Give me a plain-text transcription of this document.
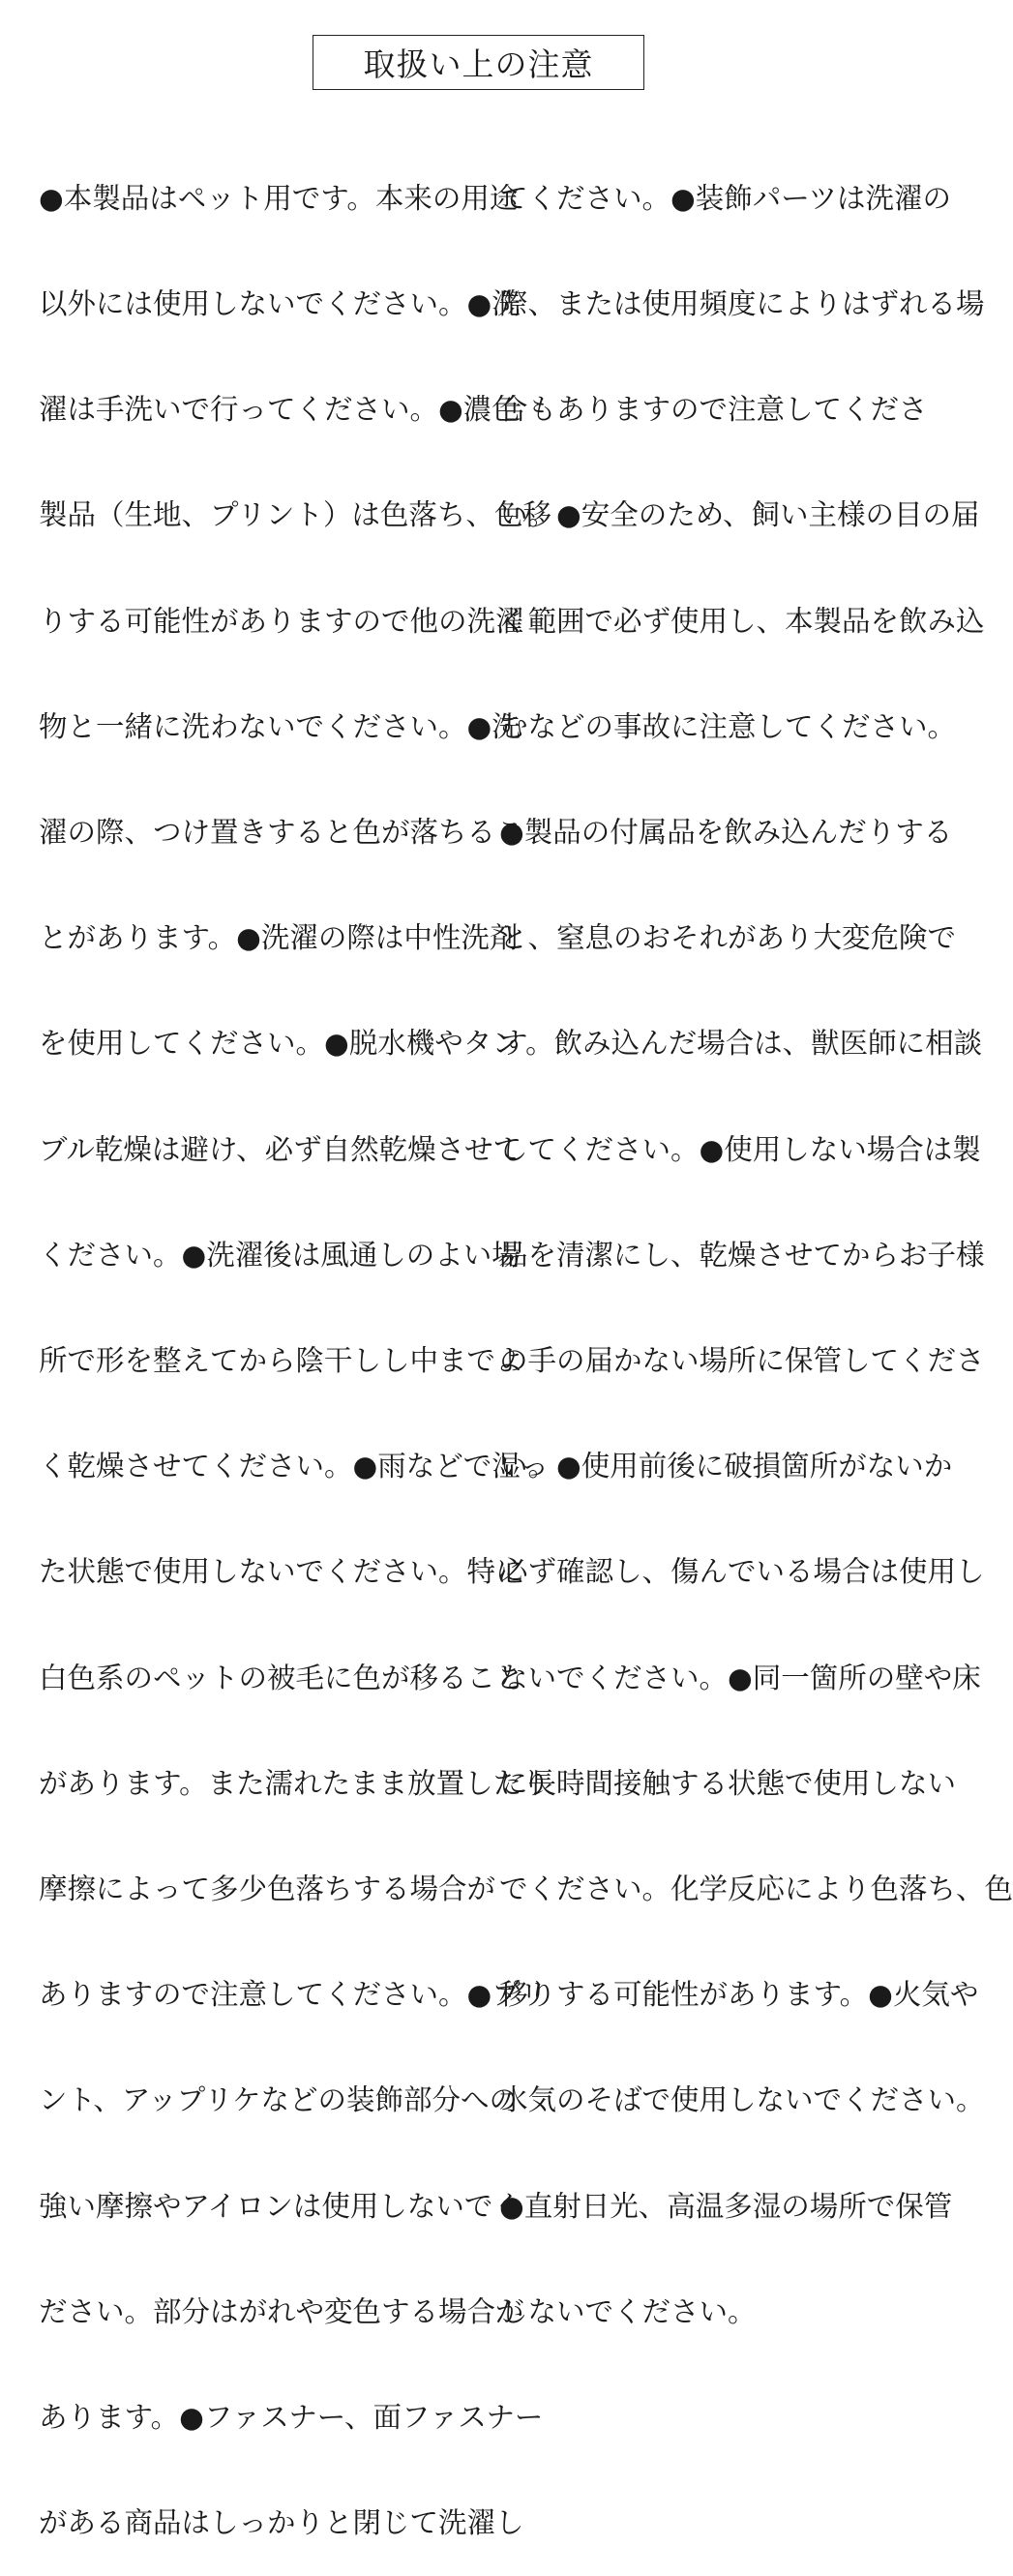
取扱い上の注意

●本製品はペット用です。本来の用途

以外には使用しないでください。●洗

濯は手洗いで行ってください。●濃色

製品（生地、プリント）は色落ち、色移

りする可能性がありますので他の洗濯

物と一緒に洗わないでください。●洗

濯の際、つけ置きすると色が落ちるこ

とがあります。●洗濯の際は中性洗剤

を使用してください。●脱水機やタン

ブル乾燥は避け、必ず自然乾燥させて

ください。●洗濯後は風通しのよい場

所で形を整えてから陰干しし中までよ

く乾燥させてください。●雨などで湿っ

た状態で使用しないでください。特に

白色系のペットの被毛に色が移ること

があります。また濡れたまま放置したり

摩擦によって多少色落ちする場合が

ありますので注意してください。●プリ

ント、アップリケなどの装飾部分への

強い摩擦やアイロンは使用しないでく

ださい。部分はがれや変色する場合が

あります。●ファスナー、面ファスナー

がある商品はしっかりと閉じて洗濯し

てください。●装飾パーツは洗濯の

際、または使用頻度によりはずれる場

合もありますので注意してくださ

い。●安全のため、飼い主様の目の届

く範囲で必ず使用し、本製品を飲み込

むなどの事故に注意してください。

●製品の付属品を飲み込んだりする

と、窒息のおそれがあり大変危険で

す。飲み込んだ場合は、獣医師に相談

してください。●使用しない場合は製

品を清潔にし、乾燥させてからお子様

の手の届かない場所に保管してくださ

い。●使用前後に破損箇所がないか

必ず確認し、傷んでいる場合は使用し

ないでください。●同一箇所の壁や床

に長時間接触する状態で使用しない

でください。化学反応により色落ち、色

移りする可能性があります。●火気や

水気のそばで使用しないでください。

●直射日光、高温多湿の場所で保管

しないでください。
